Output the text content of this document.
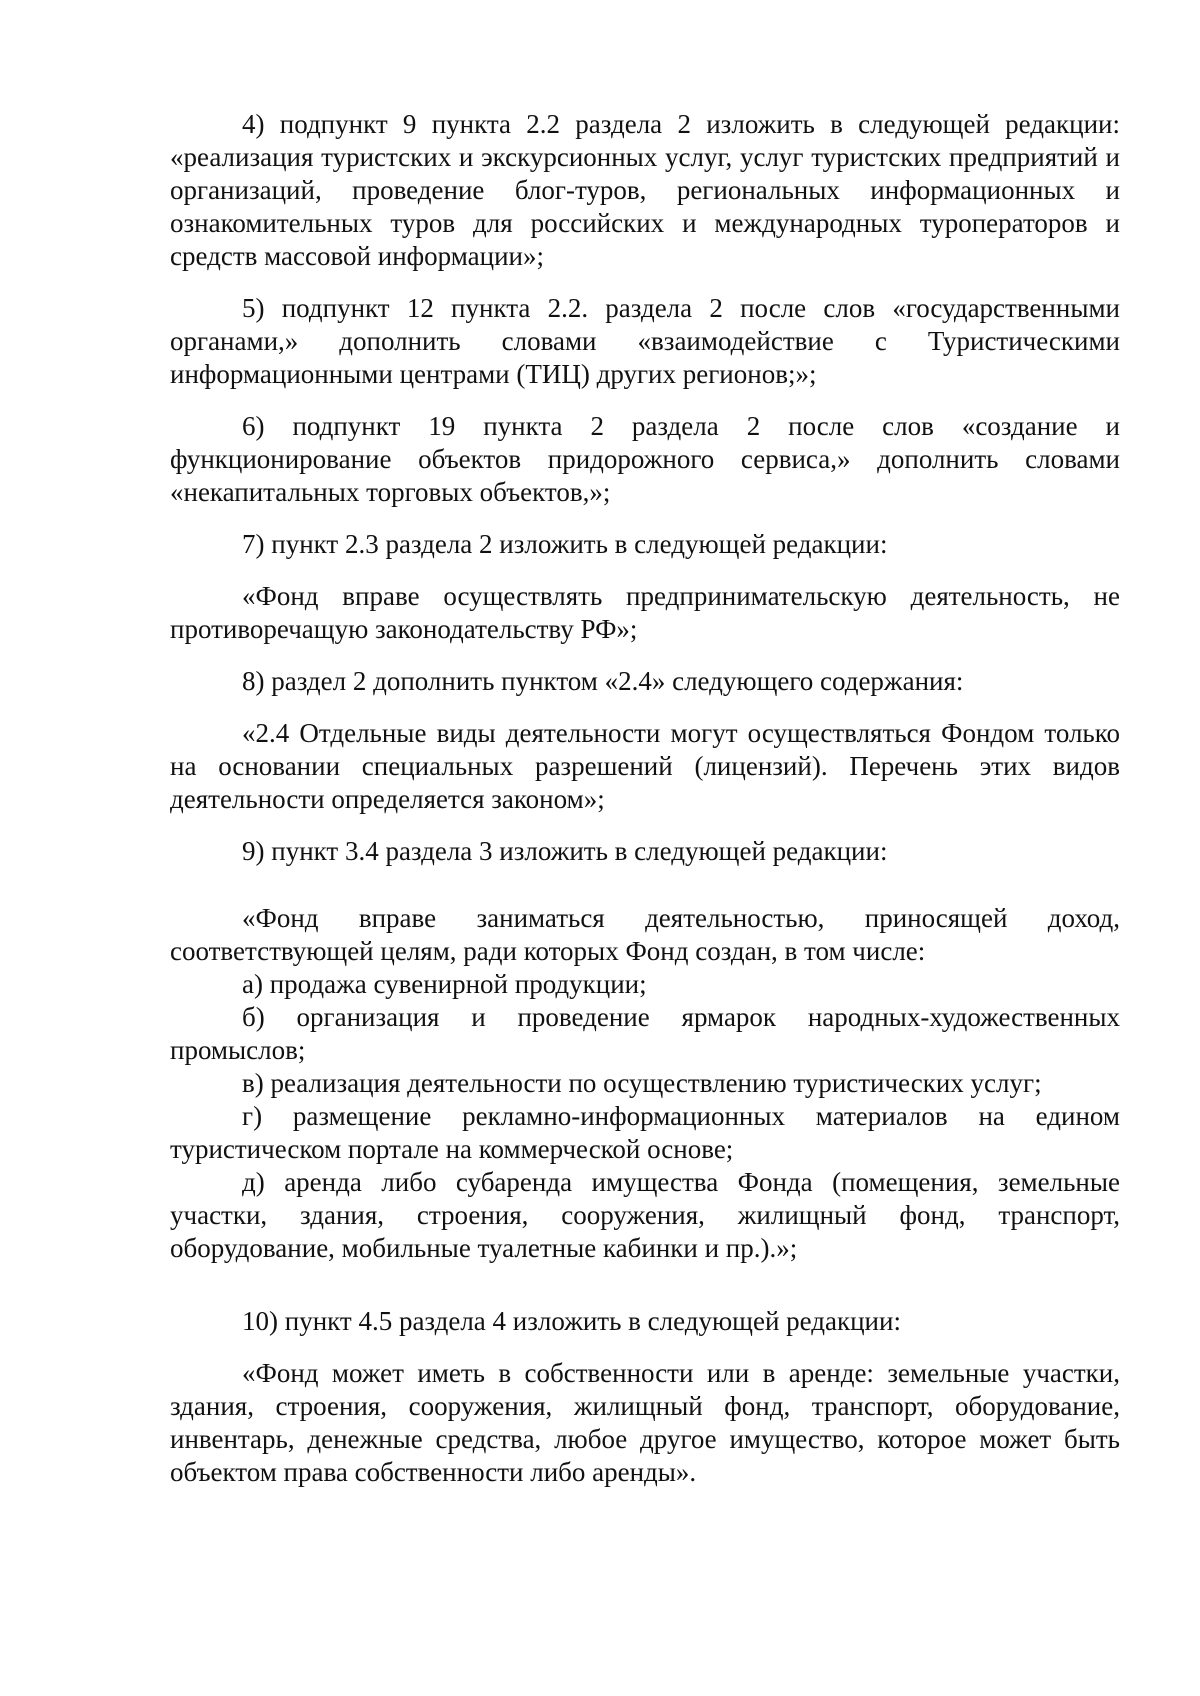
4) подпункт 9 пункта 2.2 раздела 2 изложить в следующей редакции: «реализация туристских и экскурсионных услуг, услуг туристских предприятий и организаций, проведение блог-туров, региональных информационных и ознакомительных туров для российских и международных туроператоров и средств массовой информации»;

5) подпункт 12 пункта 2.2. раздела 2 после слов «государственными органами,» дополнить словами «взаимодействие с Туристическими информационными центрами (ТИЦ) других регионов;»;

6) подпункт 19 пункта 2 раздела 2 после слов «создание и функционирование объектов придорожного сервиса,» дополнить словами «некапитальных торговых объектов,»;

7) пункт 2.3 раздела 2 изложить в следующей редакции:

«Фонд вправе осуществлять предпринимательскую деятельность, не противоречащую законодательству РФ»;

8) раздел 2 дополнить пунктом «2.4» следующего содержания:

«2.4 Отдельные виды деятельности могут осуществляться Фондом только на основании специальных разрешений (лицензий). Перечень этих видов деятельности определяется законом»;

9) пункт 3.4 раздела 3 изложить в следующей редакции:

«Фонд вправе заниматься деятельностью, приносящей доход, соответствующей целям, ради которых Фонд создан, в том числе:

а) продажа сувенирной продукции;

б) организация и проведение ярмарок народных-художественных промыслов;

в) реализация деятельности по осуществлению туристических услуг;

г) размещение рекламно-информационных материалов на едином туристическом портале на коммерческой основе;

д) аренда либо субаренда имущества Фонда (помещения, земельные участки, здания, строения, сооружения, жилищный фонд, транспорт, оборудование, мобильные туалетные кабинки и пр.).»;

10) пункт 4.5 раздела 4 изложить в следующей редакции:

«Фонд может иметь в собственности или в аренде: земельные участки, здания, строения, сооружения, жилищный фонд, транспорт, оборудование, инвентарь, денежные средства, любое другое имущество, которое может быть объектом права собственности либо аренды».
